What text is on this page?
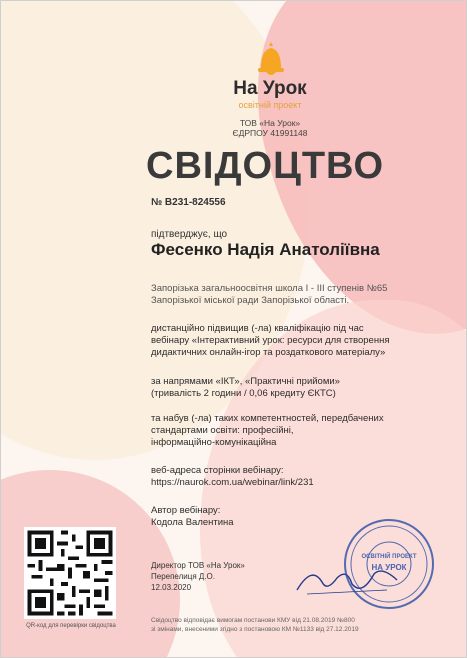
На Урок
освітній проект
ТОВ «На Урок»
ЄДРПОУ 41991148
СВІДОЦТВО
№ B231-824556
підтверджує, що
Фесенко Надія Анатоліївна
Запорізька загальноосвітня школа I - III ступенів №65
Запорізької міської ради Запорізької області.
дистанційно підвищив (-ла) кваліфікацію під час
вебінару «Інтерактивний урок: ресурси для створення
дидактичних онлайн-ігор та роздаткового матеріалу»
за напрямами «ІКТ», «Практичні прийоми»
(тривалість 2 години / 0,06 кредиту ЄКТС)
та набув (-ла) таких компетентностей, передбачених
стандартами освіти: професійні,
інформаційно-комунікаційна
веб-адреса сторінки вебінару:
https://naurok.com.ua/webinar/link/231
Автор вебінару:
Кодола Валентина
Директор ТОВ «На Урок»
Перепелиця Д.О.
12.03.2020
Свідоцтво відповідає вимогам постанови КМУ від 21.08.2019 №800
зі змінами, внесеними згідно з постановою КМ №1133 від 27.12.2019
QR-код для перевірки свідоцтва
ОСВІТНІЙ ПРОЕКТ
НА УРОК
